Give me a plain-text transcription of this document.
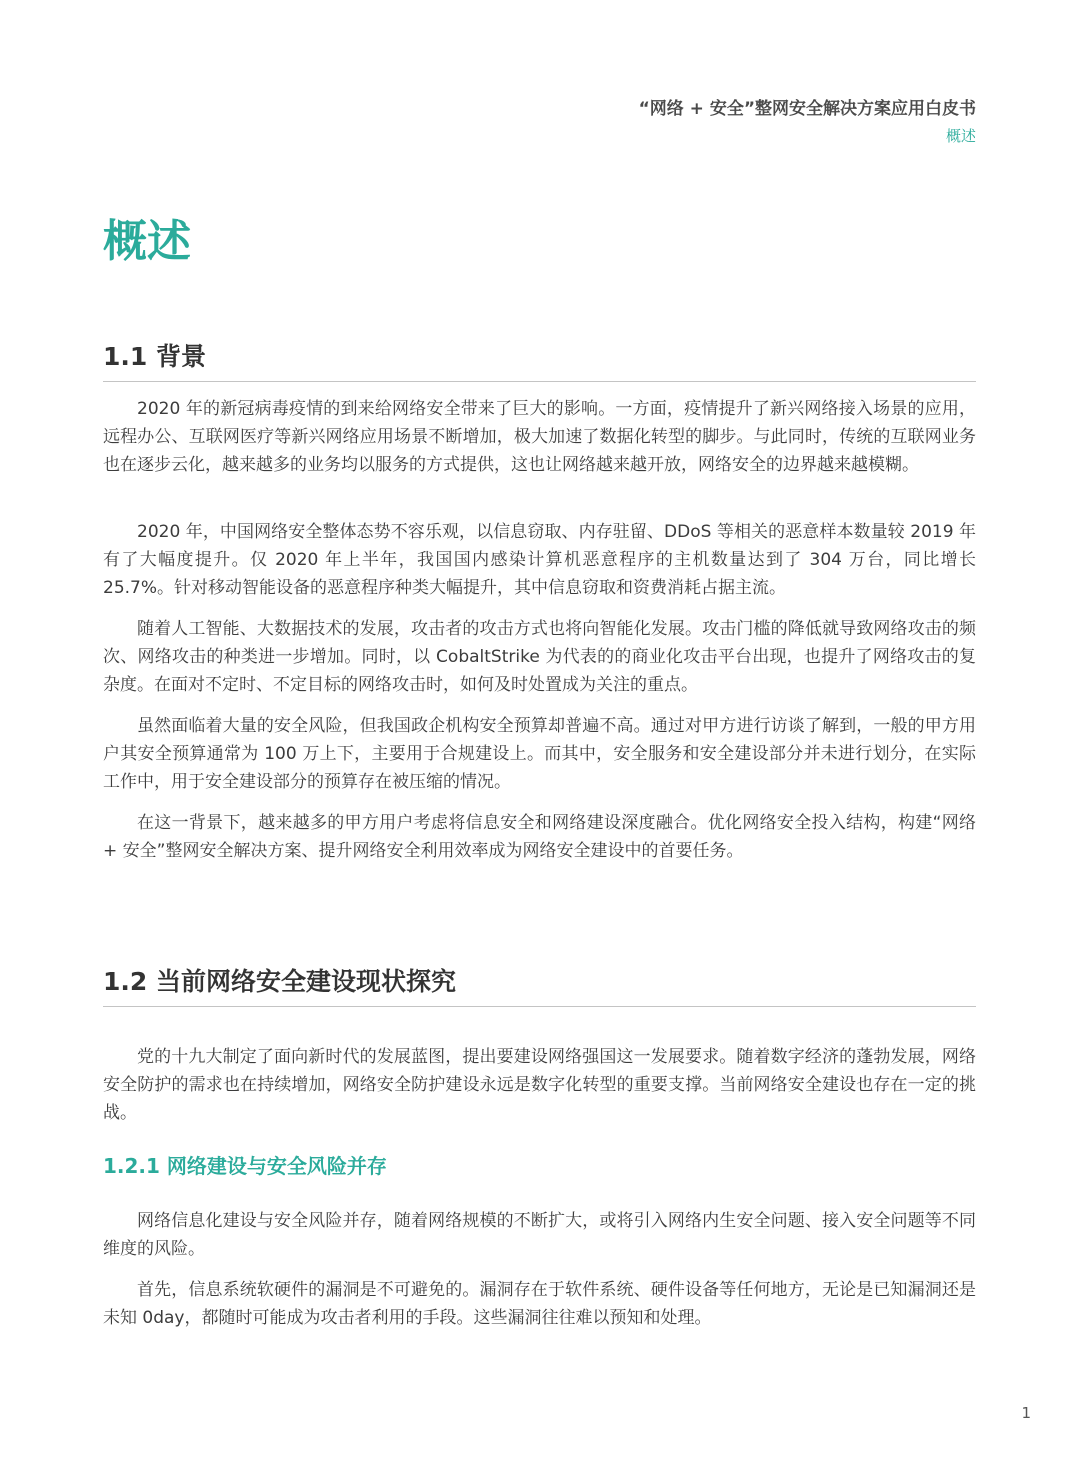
“网络 + 安全”整网安全解决方案应用白皮书
概述
概述
1.1 背景

2020 年的新冠病毒疫情的到来给网络安全带来了巨大的影响。一方面，疫情提升了新兴网络接入场景的应用，远程办公、互联网医疗等新兴网络应用场景不断增加，极大加速了数据化转型的脚步。与此同时，传统的互联网业务也在逐步云化，越来越多的业务均以服务的方式提供，这也让网络越来越开放，网络安全的边界越来越模糊。

2020 年，中国网络安全整体态势不容乐观，以信息窃取、内存驻留、DDoS 等相关的恶意样本数量较 2019 年有了大幅度提升。仅 2020 年上半年，我国国内感染计算机恶意程序的主机数量达到了 304 万台，同比增长 25.7%。针对移动智能设备的恶意程序种类大幅提升，其中信息窃取和资费消耗占据主流。

随着人工智能、大数据技术的发展，攻击者的攻击方式也将向智能化发展。攻击门槛的降低就导致网络攻击的频次、网络攻击的种类进一步增加。同时，以 CobaltStrike 为代表的的商业化攻击平台出现，也提升了网络攻击的复杂度。在面对不定时、不定目标的网络攻击时，如何及时处置成为关注的重点。

虽然面临着大量的安全风险，但我国政企机构安全预算却普遍不高。通过对甲方进行访谈了解到，一般的甲方用户其安全预算通常为 100 万上下，主要用于合规建设上。而其中，安全服务和安全建设部分并未进行划分，在实际工作中，用于安全建设部分的预算存在被压缩的情况。

在这一背景下，越来越多的甲方用户考虑将信息安全和网络建设深度融合。优化网络安全投入结构，构建“网络 + 安全”整网安全解决方案、提升网络安全利用效率成为网络安全建设中的首要任务。

1.2 当前网络安全建设现状探究

党的十九大制定了面向新时代的发展蓝图，提出要建设网络强国这一发展要求。随着数字经济的蓬勃发展，网络安全防护的需求也在持续增加，网络安全防护建设永远是数字化转型的重要支撑。当前网络安全建设也存在一定的挑战。

1.2.1 网络建设与安全风险并存

网络信息化建设与安全风险并存，随着网络规模的不断扩大，或将引入网络内生安全问题、接入安全问题等不同维度的风险。

首先，信息系统软硬件的漏洞是不可避免的。漏洞存在于软件系统、硬件设备等任何地方，无论是已知漏洞还是未知 0day，都随时可能成为攻击者利用的手段。这些漏洞往往难以预知和处理。

1
